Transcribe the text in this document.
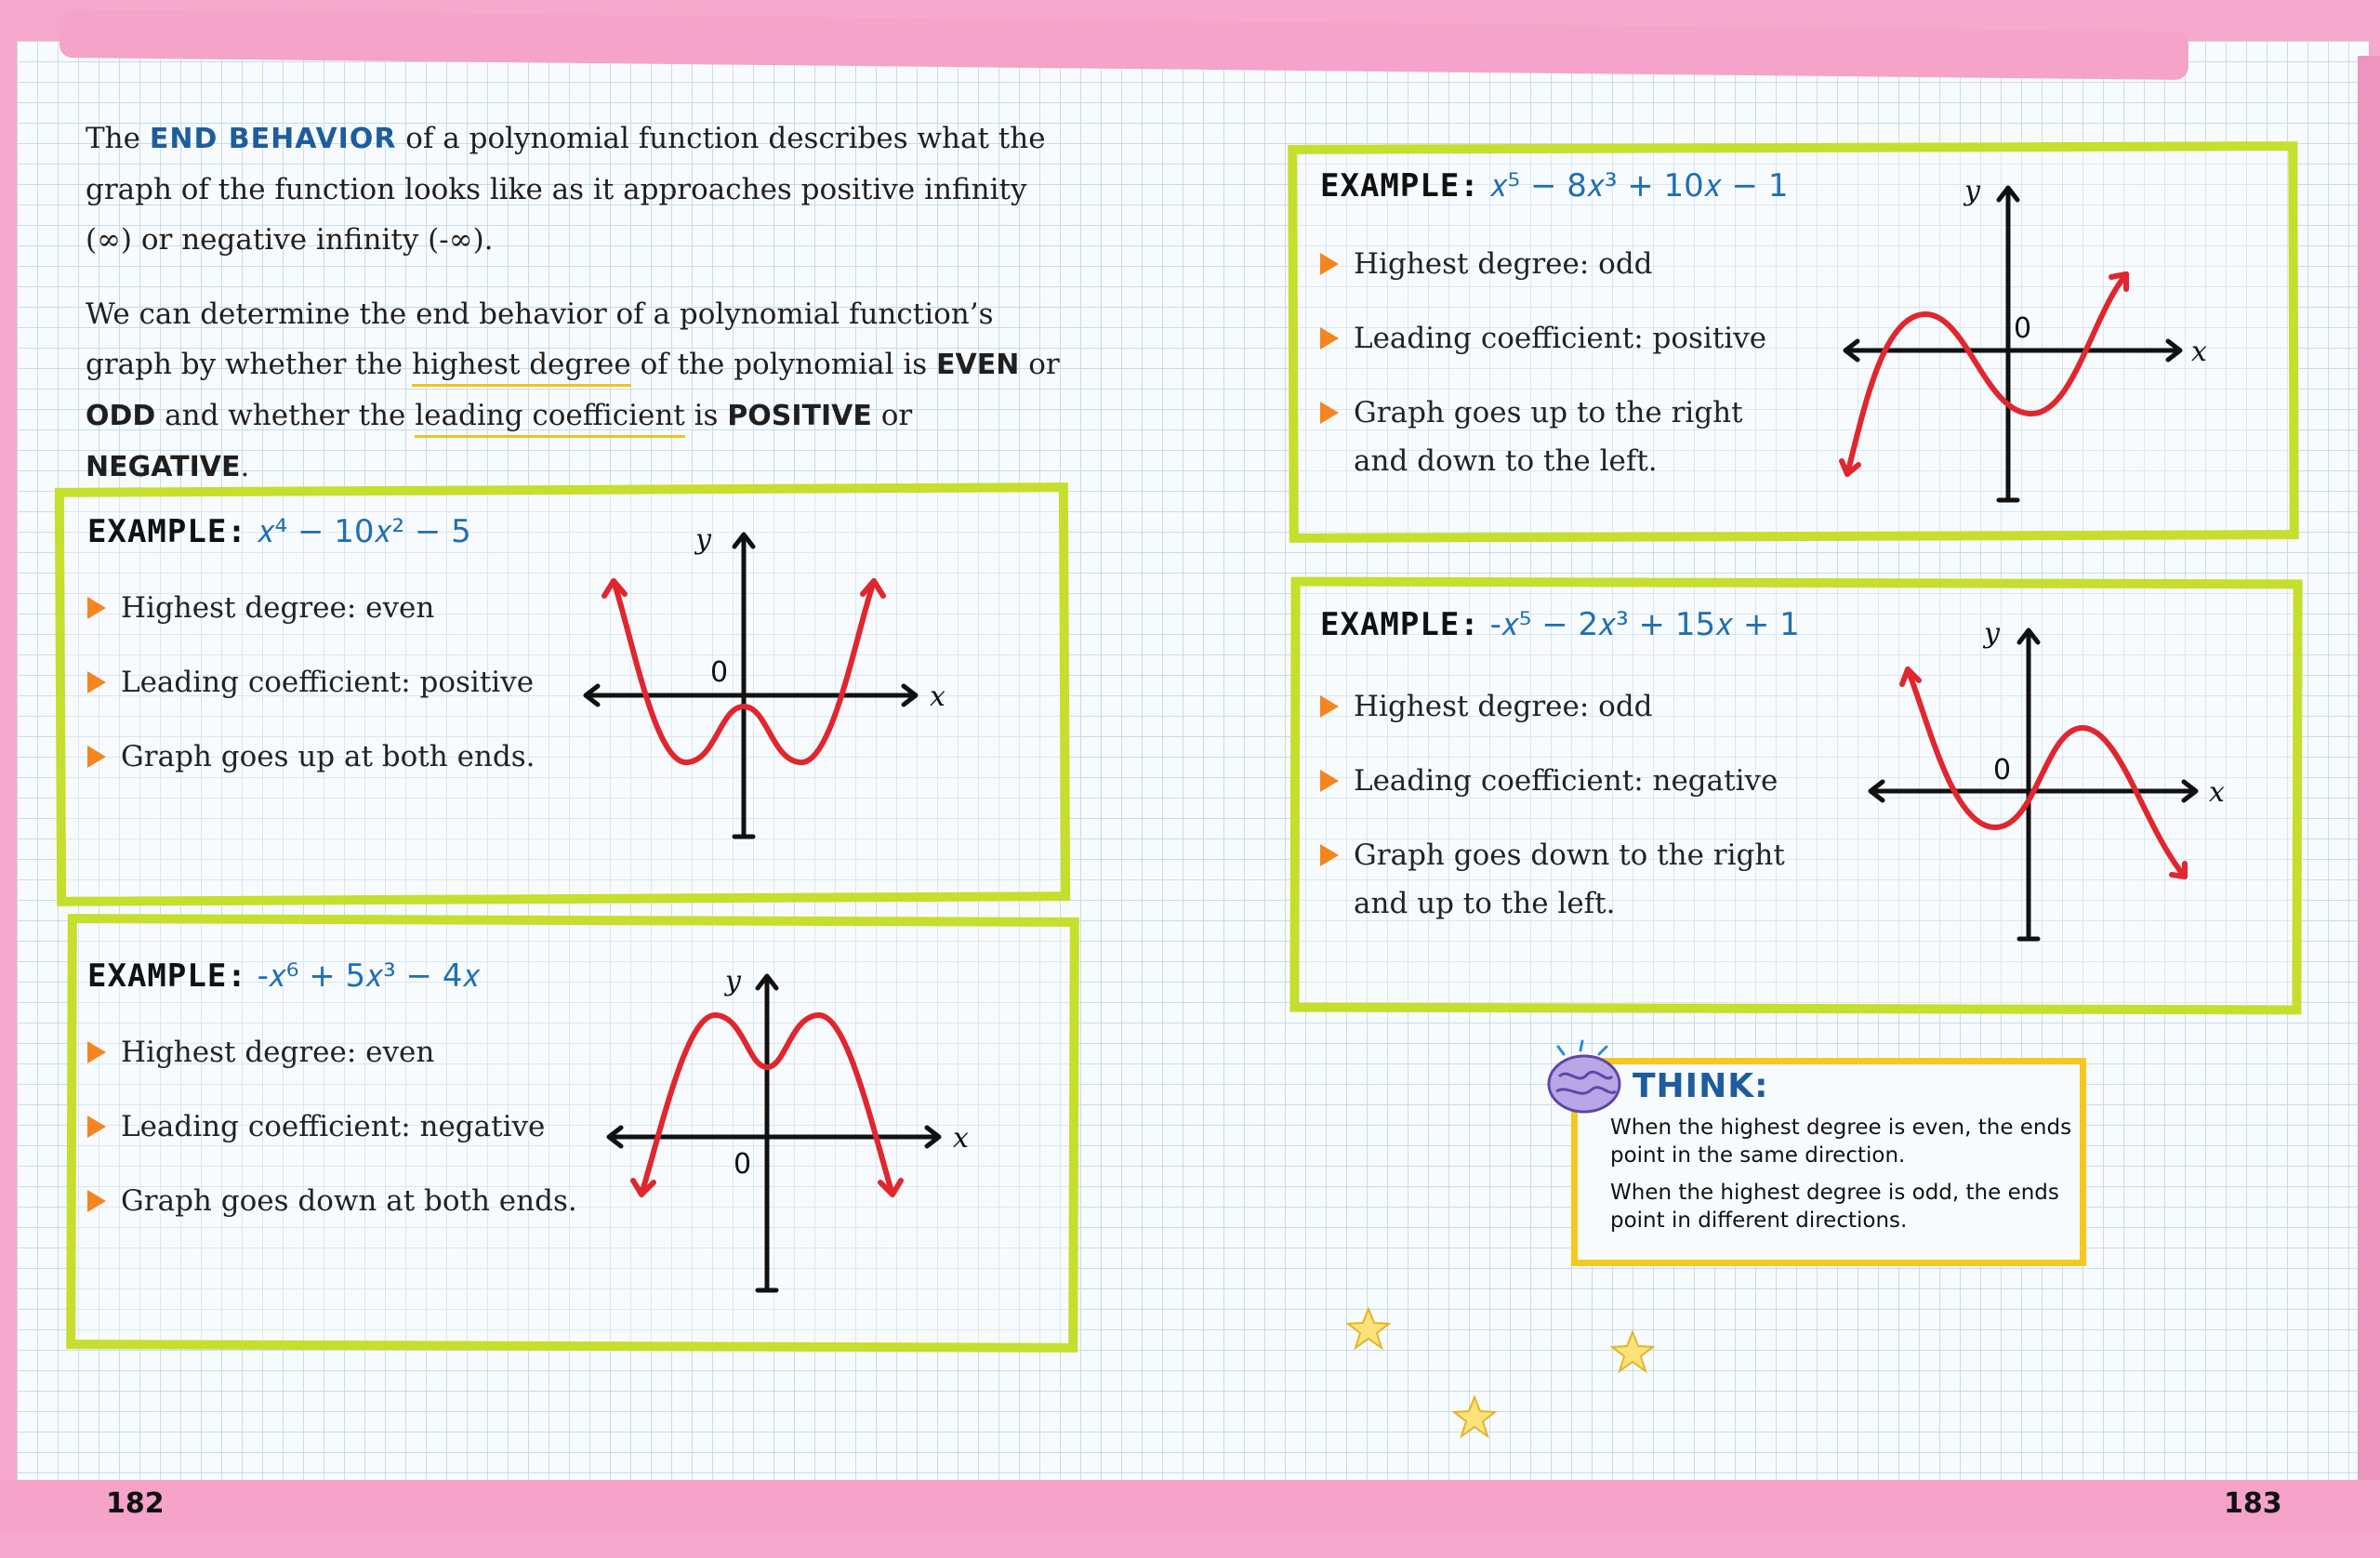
The END BEHAVIOR of a polynomial function describes what the graph of the function looks like as it approaches positive infinity (∞) or negative infinity (-∞).

We can determine the end behavior of a polynomial function’s graph by whether the highest degree of the polynomial is EVEN or ODD and whether the leading coefficient is POSITIVE or NEGATIVE.

EXAMPLE: 𝑥⁴ − 10𝑥² − 5
Highest degree: even
Leading coefficient: positive
Graph goes up at both ends.
𝑥
𝑦
0
EXAMPLE: -𝑥⁶ + 5𝑥³ − 4𝑥
Highest degree: even
Leading coefficient: negative
Graph goes down at both ends.
𝑥
𝑦
0
EXAMPLE: 𝑥⁵ − 8𝑥³ + 10𝑥 − 1
Highest degree: odd
Leading coefficient: positive
Graph goes up to the right
and down to the left.
𝑥
𝑦
0
EXAMPLE: -𝑥⁵ − 2𝑥³ + 15𝑥 + 1
Highest degree: odd
Leading coefficient: negative
Graph goes down to the right
and up to the left.
𝑥
𝑦
0
THINK:
When the highest degree is even, the ends
point in the same direction.
When the highest degree is odd, the ends
point in different directions.
182	183
